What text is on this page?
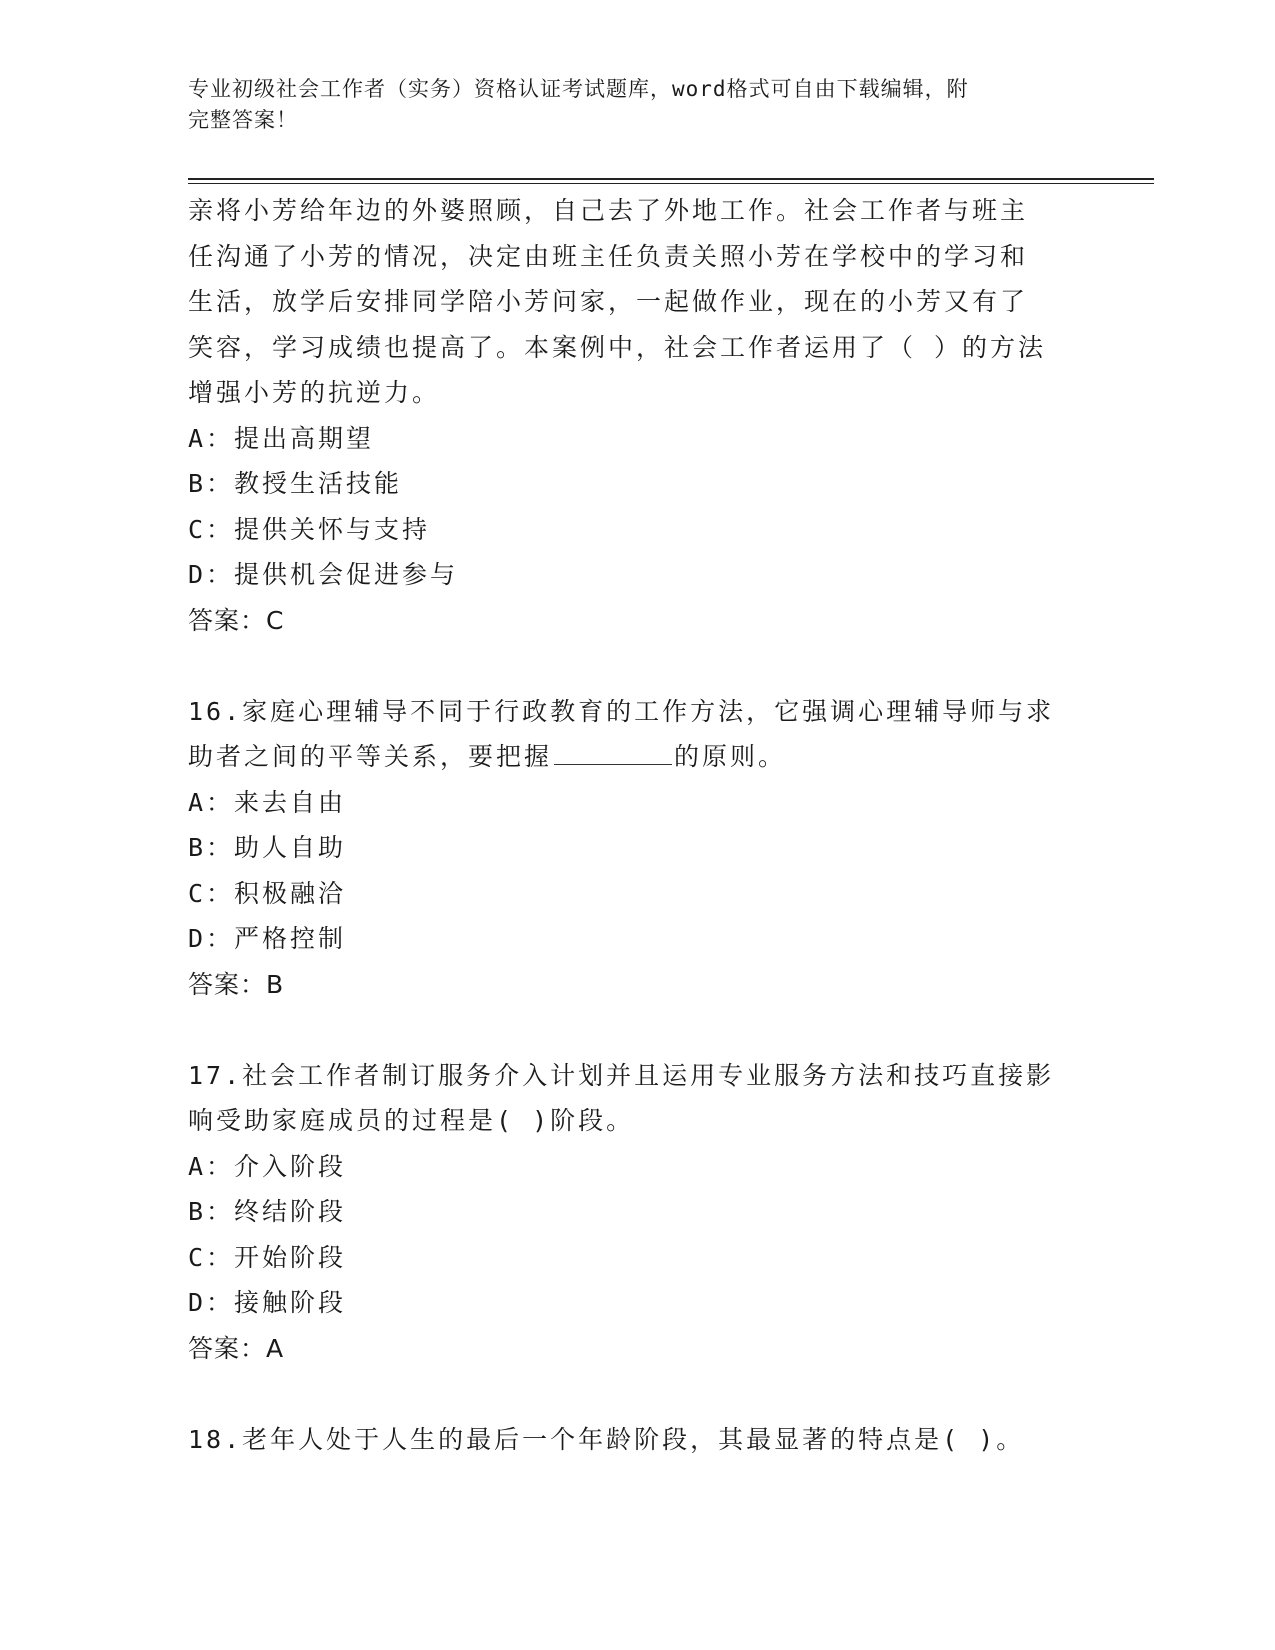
专业初级社会工作者（实务）资格认证考试题库，word格式可自由下载编辑，附
完整答案！
亲将小芳给年边的外婆照顾，自己去了外地工作。社会工作者与班主
任沟通了小芳的情况，决定由班主任负责关照小芳在学校中的学习和
生活，放学后安排同学陪小芳问家，一起做作业，现在的小芳又有了
笑容，学习成绩也提高了。本案例中，社会工作者运用了（ ）的方法
增强小芳的抗逆力。
A：提出高期望
B：教授生活技能
C：提供关怀与支持
D：提供机会促进参与
答案：C
16.家庭心理辅导不同于行政教育的工作方法，它强调心理辅导师与求
助者之间的平等关系，要把握	的原则。
A：来去自由
B：助人自助
C：积极融洽
D：严格控制
答案：B
17.社会工作者制订服务介入计划并且运用专业服务方法和技巧直接影
响受助家庭成员的过程是( )阶段。
A：介入阶段
B：终结阶段
C：开始阶段
D：接触阶段
答案：A
18.老年人处于人生的最后一个年龄阶段，其最显著的特点是( )。
